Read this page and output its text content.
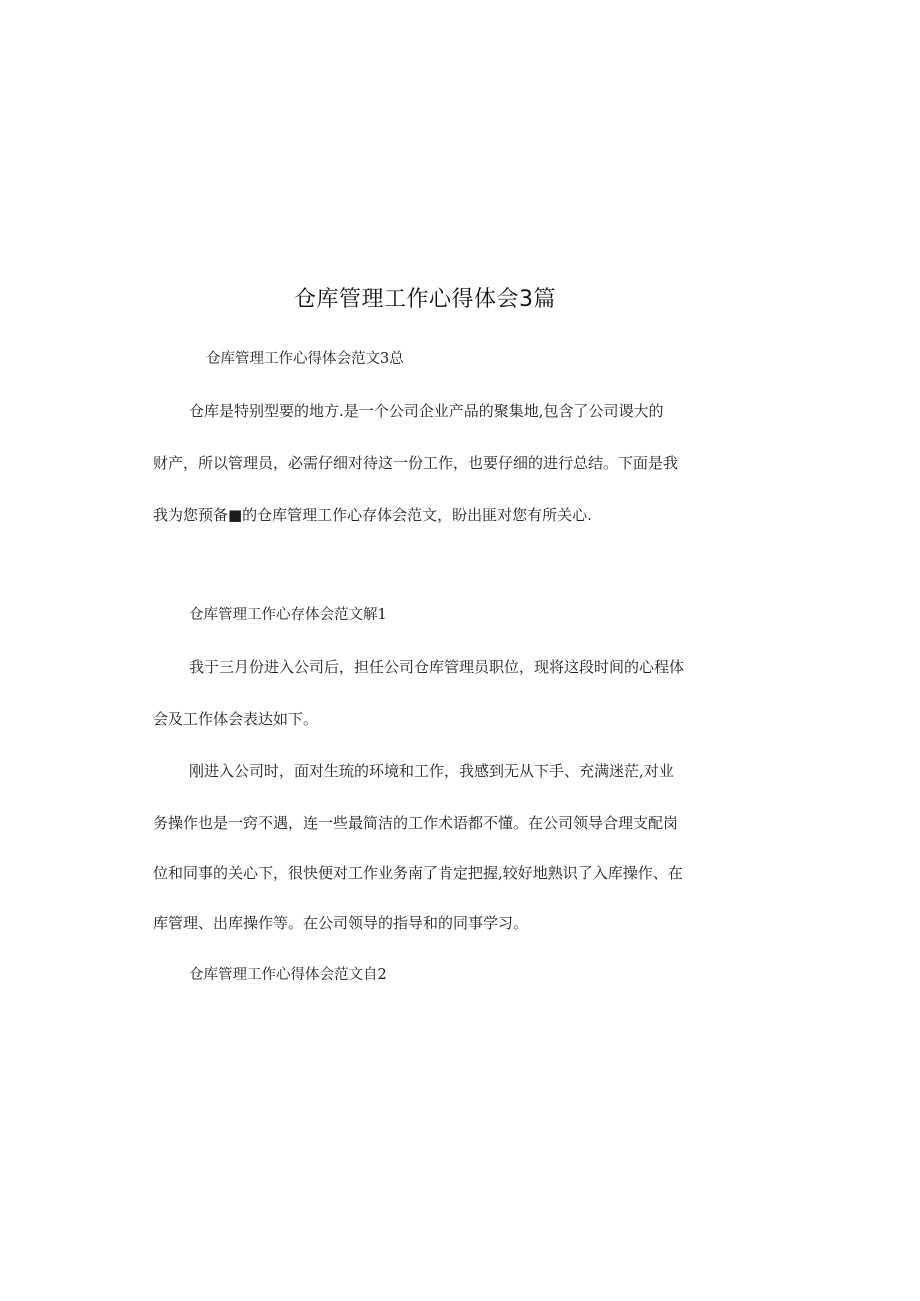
仓库管理工作心得体会3篇
仓库管理工作心得体会范文3总
仓库是特别型要的地方.是一个公司企业产品的聚集地,包含了公司谡大的
财产，所以管理员，必需仔细对待这一份工作，也要仔细的进行总结。下面是我
我为您预备■的仓库管理工作心存体会范文，盼出匪对您有所关心.
仓库管理工作心存体会范文解1
我于三月份进入公司后，担任公司仓库管理员职位，现将这段时间的心程体
会及工作体会表达如下。
刚进入公司时，面对生琉的环境和工作，我感到无从下手、充满迷茫,对业
务操作也是一窍不遇，连一些最简洁的工作术语都不懂。在公司领导合理支配岗
位和同事的关心下，很快便对工作业务南了肯定把握,较好地熟识了入库操作、在
库管理、出库操作等。在公司领导的指导和的同事学习。
仓库管理工作心得体会范文自2
